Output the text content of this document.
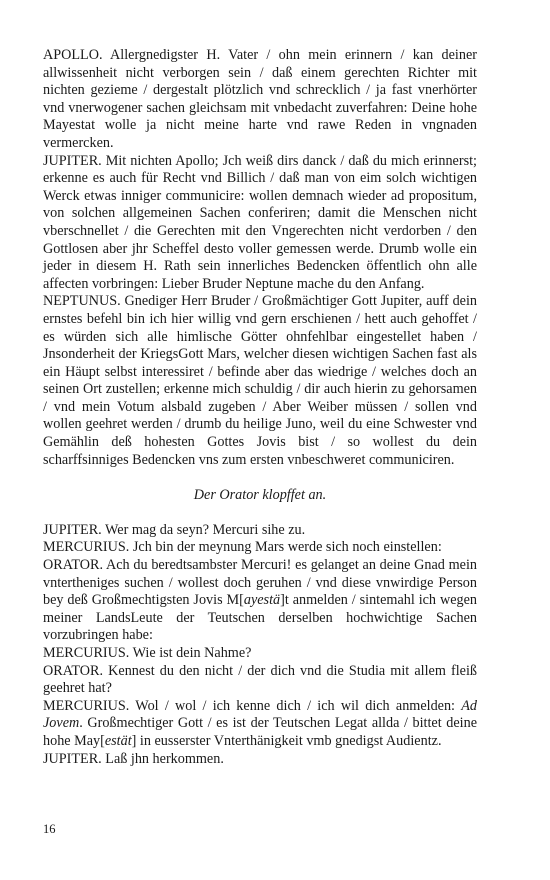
APOLLO. Allergnedigster H. Vater / ohn mein erinnern / kan deiner allwissenheit nicht verborgen sein / daß einem gerechten Richter mit nichten gezieme / dergestalt plötzlich vnd schrecklich / ja fast vnerhörter vnd vnerwogener sachen gleichsam mit vnbedacht zuverfahren: Deine hohe Mayestat wolle ja nicht meine harte vnd rawe Reden in vngnaden vermercken.

JUPITER. Mit nichten Apollo; Jch weiß dirs danck / daß du mich erinnerst; erkenne es auch für Recht vnd Billich / daß man von eim solch wichtigen Werck etwas inniger communicire: wollen demnach wieder ad propositum, von solchen allgemeinen Sachen conferiren; damit die Menschen nicht vberschnellet / die Gerechten mit den Vngerechten nicht verdorben / den Gottlosen aber jhr Scheffel desto voller gemessen werde. Drumb wolle ein jeder in diesem H. Rath sein innerliches Bedencken öffentlich ohn alle affecten vorbringen: Lieber Bruder Neptune mache du den Anfang.

NEPTUNUS. Gnediger Herr Bruder / Großmächtiger Gott Jupiter, auff dein ernstes befehl bin ich hier willig vnd gern erschienen / hett auch gehoffet / es würden sich alle himlische Götter ohnfehlbar eingestellet haben / Jnsonderheit der KriegsGott Mars, welcher diesen wichtigen Sachen fast als ein Häupt selbst interessiret / befinde aber das wiedrige / welches doch an seinen Ort zustellen; erkenne mich schuldig / dir auch hierin zu gehorsamen / vnd mein Votum alsbald zugeben / Aber Weiber müssen / sollen vnd wollen geehret werden / drumb du heilige Juno, weil du eine Schwester vnd Gemählin deß hohesten Gottes Jovis bist / so wollest du dein scharffsinniges Bedencken vns zum ersten vnbeschweret communiciren.

Der Orator klopffet an.

JUPITER. Wer mag da seyn? Mercuri sihe zu.

MERCURIUS. Jch bin der meynung Mars werde sich noch einstellen:

ORATOR. Ach du beredtsambster Mercuri! es gelanget an deine Gnad mein vntertheniges suchen / wollest doch geruhen / vnd diese vnwirdige Person bey deß Großmechtigsten Jovis M[ayestä]t anmelden / sintemahl ich wegen meiner LandsLeute der Teutschen derselben hochwichtige Sachen vorzubringen habe:

MERCURIUS. Wie ist dein Nahme?

ORATOR. Kennest du den nicht / der dich vnd die Studia mit allem fleiß geehret hat?

MERCURIUS. Wol / wol / ich kenne dich / ich wil dich anmelden: Ad Jovem. Großmechtiger Gott / es ist der Teutschen Legat allda / bittet deine hohe May[estät] in eusserster Vnterthänigkeit vmb gnedigst Audientz.

JUPITER. Laß jhn herkommen.

16
